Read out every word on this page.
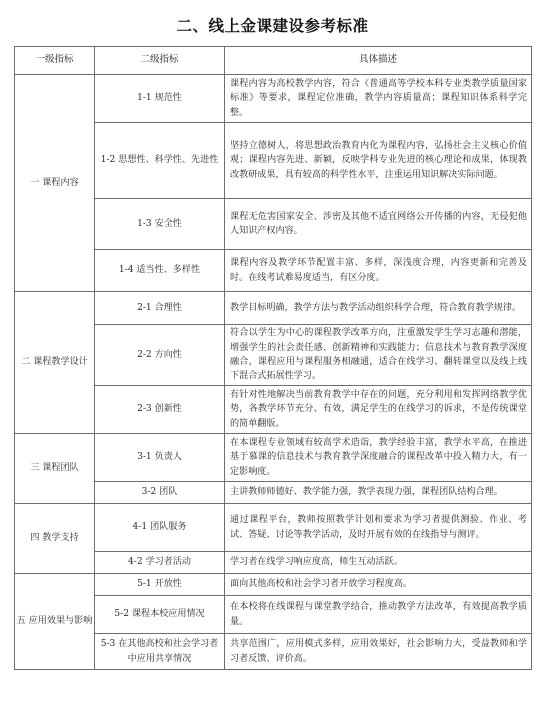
二、线上金课建设参考标准
一级指标	二级指标	具体描述
一 课程内容	1-1 规范性	课程内容为高校教学内容，符合《普通高等学校本科专业类教学质量国家标准》等要求，课程定位准确，教学内容质量高；课程知识体系科学完整。
	1-2 思想性、科学性、先进性	坚持立德树人，将思想政治教育内化为课程内容，弘扬社会主义核心价值观；课程内容先进、新颖，反映学科专业先进的核心理论和成果，体现教改教研成果，具有较高的科学性水平，注重运用知识解决实际问题。
	1-3 安全性	课程无危害国家安全、涉密及其他不适宜网络公开传播的内容，无侵犯他人知识产权内容。
	1-4 适当性、多样性	课程内容及教学环节配置丰富、多样，深浅度合理，内容更新和完善及时。在线考试难易度适当，有区分度。
二 课程教学设计	2-1 合理性	教学目标明确，教学方法与教学活动组织科学合理，符合教育教学规律。
	2-2 方向性	符合以学生为中心的课程教学改革方向，注重激发学生学习志趣和潜能，增强学生的社会责任感、创新精神和实践能力；信息技术与教育教学深度融合，课程应用与课程服务相融通，适合在线学习、翻转课堂以及线上线下混合式拓展性学习。
	2-3 创新性	有针对性地解决当前教育教学中存在的问题，充分利用和发挥网络教学优势，各教学环节充分、有效，满足学生的在线学习的诉求，不是传统课堂的简单翻版。
三 课程团队	3-1 负责人	在本课程专业领域有较高学术造诣，教学经验丰富，教学水平高，在推进基于慕课的信息技术与教育教学深度融合的课程改革中投入精力大，有一定影响度。
	3-2 团队	主讲教师师德好、教学能力强，教学表现力强，课程团队结构合理。
四 教学支持	4-1 团队服务	通过课程平台，教师按照教学计划和要求为学习者提供测验、作业、考试、答疑、讨论等教学活动，及时开展有效的在线指导与测评。
	4-2 学习者活动	学习者在线学习响应度高，师生互动活跃。
五 应用效果与影响	5-1 开放性	面向其他高校和社会学习者开放学习程度高。
	5-2 课程本校应用情况	在本校将在线课程与课堂教学结合，推动教学方法改革，有效提高教学质量。
	5-3 在其他高校和社会学习者中应用共享情况	共享范围广，应用模式多样，应用效果好，社会影响力大，受益教师和学习者反馈、评价高。
